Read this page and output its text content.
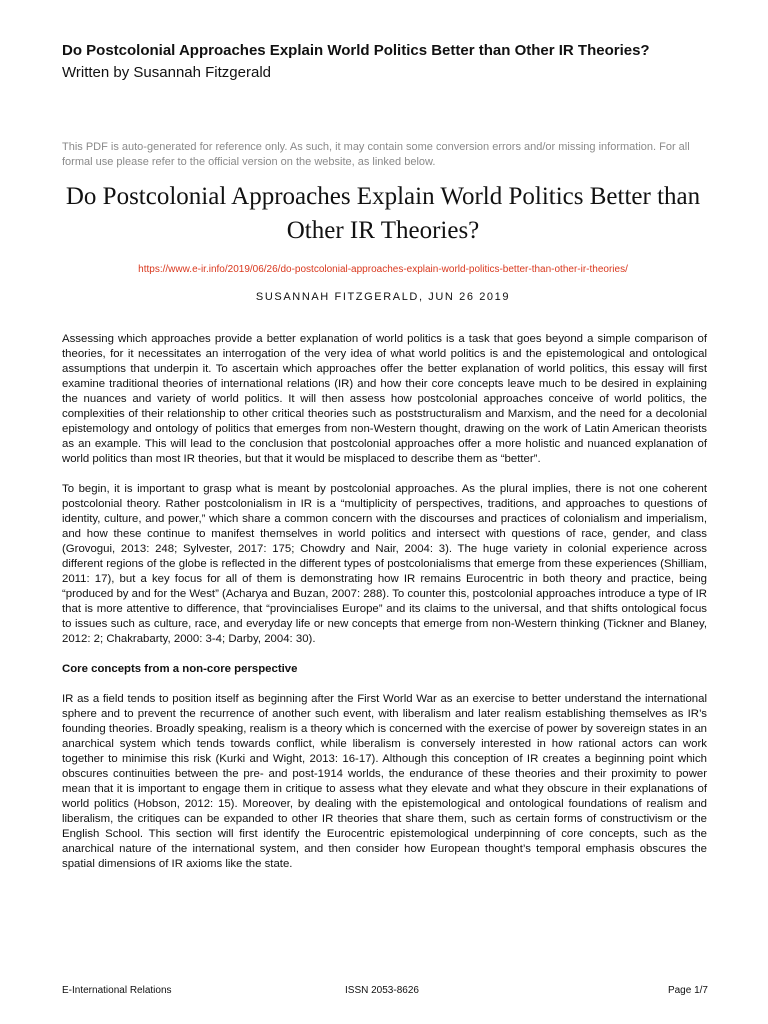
Do Postcolonial Approaches Explain World Politics Better than Other IR Theories?
Written by Susannah Fitzgerald
This PDF is auto-generated for reference only. As such, it may contain some conversion errors and/or missing information. For all formal use please refer to the official version on the website, as linked below.
Do Postcolonial Approaches Explain World Politics Better than Other IR Theories?
https://www.e-ir.info/2019/06/26/do-postcolonial-approaches-explain-world-politics-better-than-other-ir-theories/
SUSANNAH FITZGERALD, JUN 26 2019

Assessing which approaches provide a better explanation of world politics is a task that goes beyond a simple comparison of theories, for it necessitates an interrogation of the very idea of what world politics is and the epistemological and ontological assumptions that underpin it. To ascertain which approaches offer the better explanation of world politics, this essay will first examine traditional theories of international relations (IR) and how their core concepts leave much to be desired in explaining the nuances and variety of world politics. It will then assess how postcolonial approaches conceive of world politics, the complexities of their relationship to other critical theories such as poststructuralism and Marxism, and the need for a decolonial epistemology and ontology of politics that emerges from non-Western thought, drawing on the work of Latin American theorists as an example. This will lead to the conclusion that postcolonial approaches offer a more holistic and nuanced explanation of world politics than most IR theories, but that it would be misplaced to describe them as “better”.

To begin, it is important to grasp what is meant by postcolonial approaches. As the plural implies, there is not one coherent postcolonial theory. Rather postcolonialism in IR is a “multiplicity of perspectives, traditions, and approaches to questions of identity, culture, and power,” which share a common concern with the discourses and practices of colonialism and imperialism, and how these continue to manifest themselves in world politics and intersect with questions of race, gender, and class (Grovogui, 2013: 248; Sylvester, 2017: 175; Chowdry and Nair, 2004: 3). The huge variety in colonial experience across different regions of the globe is reflected in the different types of postcolonialisms that emerge from these experiences (Shilliam, 2011: 17), but a key focus for all of them is demonstrating how IR remains Eurocentric in both theory and practice, being “produced by and for the West” (Acharya and Buzan, 2007: 288). To counter this, postcolonial approaches introduce a type of IR that is more attentive to difference, that “provincialises Europe” and its claims to the universal, and that shifts ontological focus to issues such as culture, race, and everyday life or new concepts that emerge from non-Western thinking (Tickner and Blaney, 2012: 2; Chakrabarty, 2000: 3-4; Darby, 2004: 30).

Core concepts from a non-core perspective

IR as a field tends to position itself as beginning after the First World War as an exercise to better understand the international sphere and to prevent the recurrence of another such event, with liberalism and later realism establishing themselves as IR’s founding theories. Broadly speaking, realism is a theory which is concerned with the exercise of power by sovereign states in an anarchical system which tends towards conflict, while liberalism is conversely interested in how rational actors can work together to minimise this risk (Kurki and Wight, 2013: 16-17). Although this conception of IR creates a beginning point which obscures continuities between the pre- and post-1914 worlds, the endurance of these theories and their proximity to power mean that it is important to engage them in critique to assess what they elevate and what they obscure in their explanations of world politics (Hobson, 2012: 15). Moreover, by dealing with the epistemological and ontological foundations of realism and liberalism, the critiques can be expanded to other IR theories that share them, such as certain forms of constructivism or the English School. This section will first identify the Eurocentric epistemological underpinning of core concepts, such as the anarchical nature of the international system, and then consider how European thought’s temporal emphasis obscures the spatial dimensions of IR axioms like the state.

E-International Relations	ISSN 2053-8626	Page 1/7
